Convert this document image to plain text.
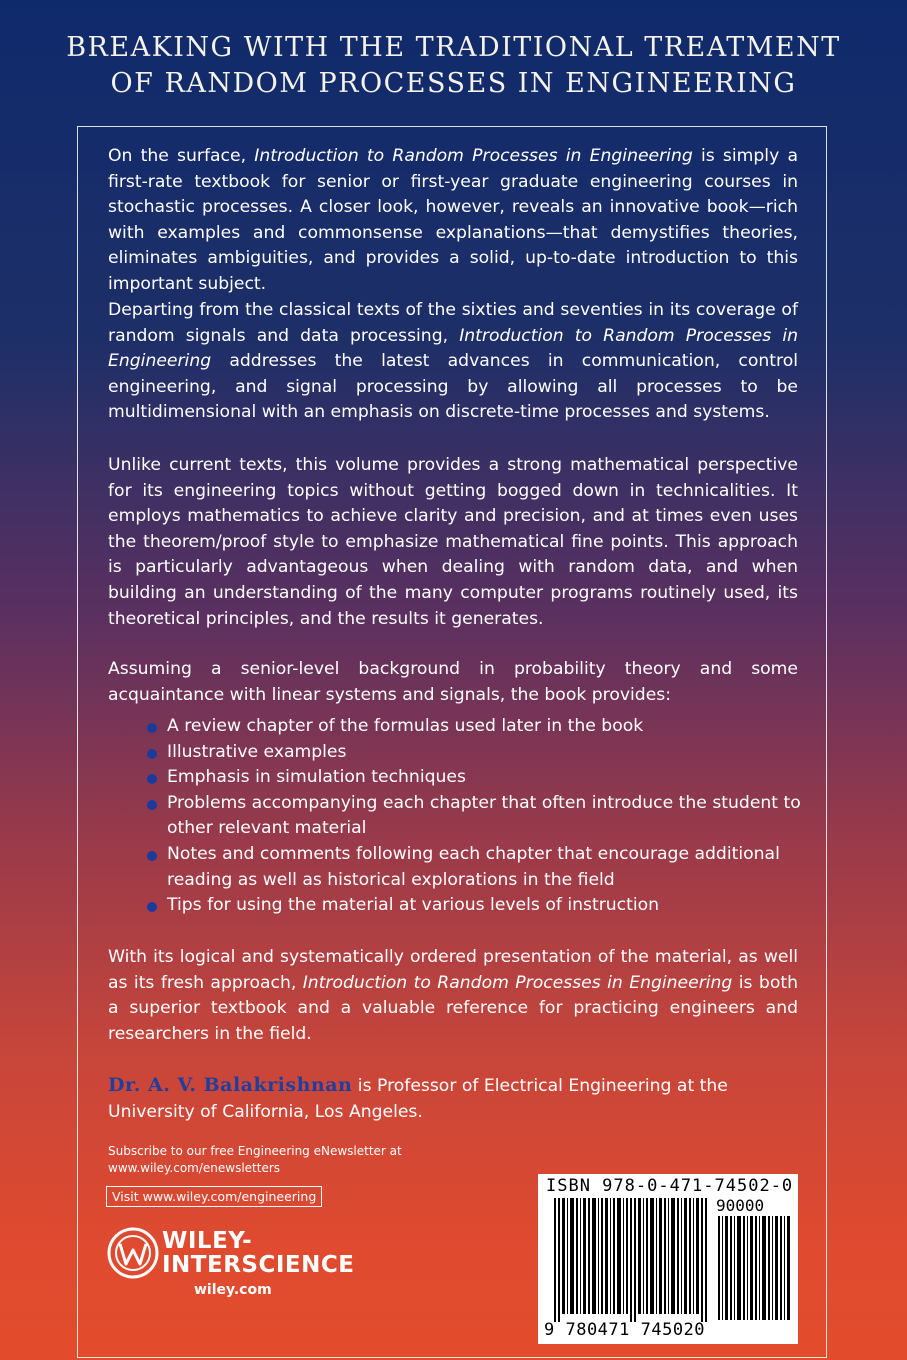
BREAKING WITH THE TRADITIONAL TREATMENT
OF RANDOM PROCESSES IN ENGINEERING

On the surface, Introduction to Random Processes in Engineering is simply a first-rate textbook for senior or first-year graduate engineering courses in stochastic processes. A closer look, however, reveals an innovative book—rich with examples and commonsense explanations—that demystifies theories, eliminates ambiguities, and provides a solid, up-to-date introduction to this important subject.

Departing from the classical texts of the sixties and seventies in its coverage of random signals and data processing, Introduction to Random Processes in Engineering addresses the latest advances in communication, control engineering, and signal processing by allowing all processes to be multidimensional with an emphasis on discrete-time processes and systems.

Unlike current texts, this volume provides a strong mathematical perspective for its engineering topics without getting bogged down in technicalities. It employs mathematics to achieve clarity and precision, and at times even uses the theorem/proof style to emphasize mathematical fine points. This approach is particularly advantageous when dealing with random data, and when building an understanding of the many computer programs routinely used, its theoretical principles, and the results it generates.

Assuming a senior-level background in probability theory and some acquaintance with linear systems and signals, the book provides:

A review chapter of the formulas used later in the book
Illustrative examples
Emphasis in simulation techniques
Problems accompanying each chapter that often introduce the student to other relevant material
Notes and comments following each chapter that encourage additional reading as well as historical explorations in the field
Tips for using the material at various levels of instruction

With its logical and systematically ordered presentation of the material, as well as its fresh approach, Introduction to Random Processes in Engineering is both a superior textbook and a valuable reference for practicing engineers and researchers in the field.

Dr. A. V. Balakrishnan is Professor of Electrical Engineering at the University of California, Los Angeles.
Subscribe to our free Engineering eNewsletter at
www.wiley.com/enewsletters
Visit www.wiley.com/engineering
WILEY-
INTERSCIENCE
wiley.com
ISBN 978-0-471-74502-0
90000
9 780471 745020
